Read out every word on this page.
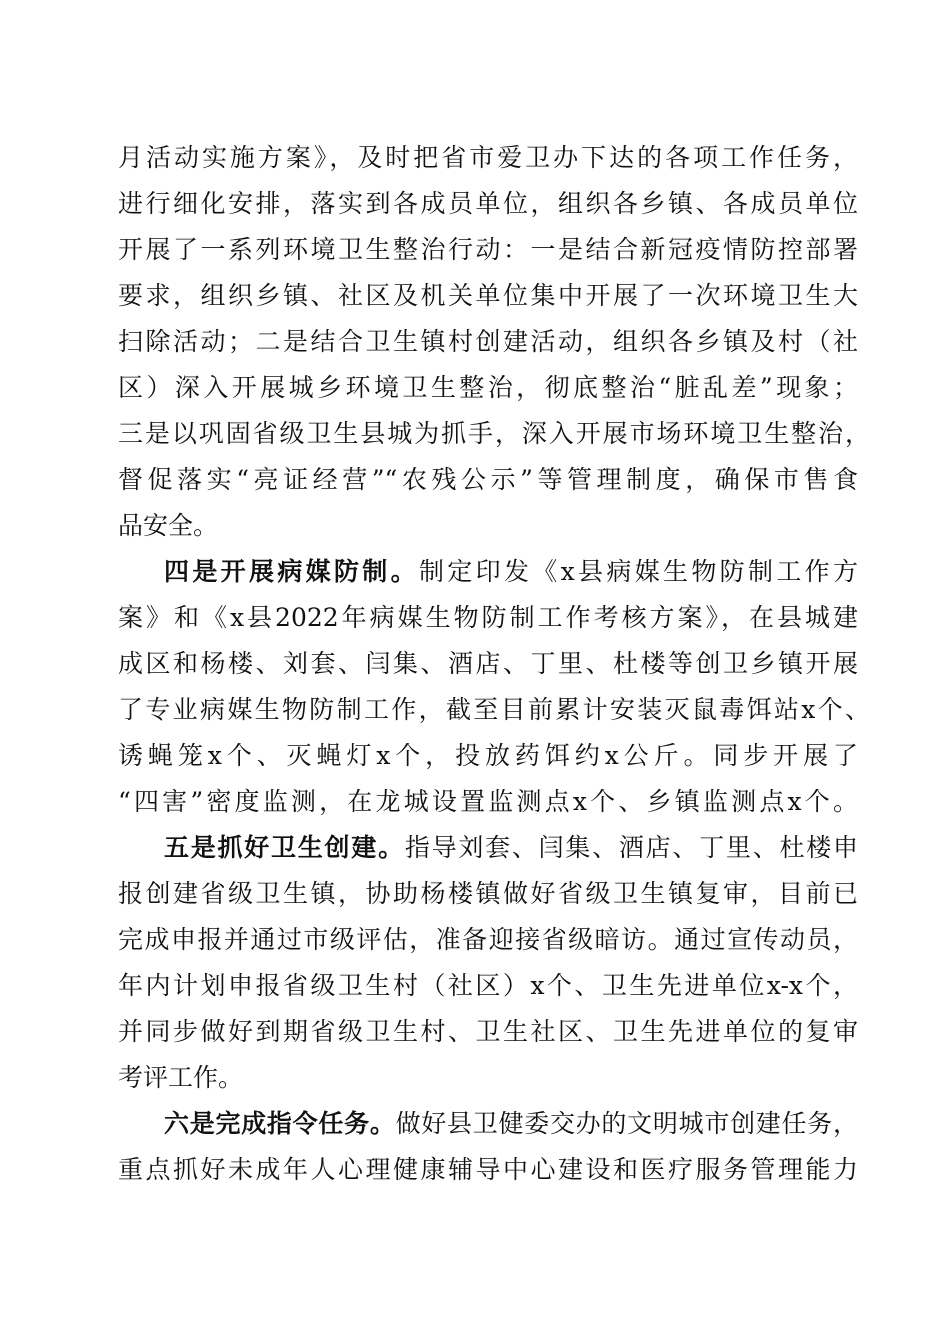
月活动实施方案》，及时把省市爱卫办下达的各项工作任务，
进行细化安排，落实到各成员单位，组织各乡镇、各成员单位
开展了一系列环境卫生整治行动：一是结合新冠疫情防控部署
要求，组织乡镇、社区及机关单位集中开展了一次环境卫生大
扫除活动；二是结合卫生镇村创建活动，组织各乡镇及村（社
区）深入开展城乡环境卫生整治，彻底整治“脏乱差”现象；
三是以巩固省级卫生县城为抓手，深入开展市场环境卫生整治，
督促落实“亮证经营”“农残公示”等管理制度，确保市售食
品安全。
四是开展病媒防制。制定印发《x县病媒生物防制工作方
案》和《x县2022年病媒生物防制工作考核方案》，在县城建
成区和杨楼、刘套、闫集、酒店、丁里、杜楼等创卫乡镇开展
了专业病媒生物防制工作，截至目前累计安装灭鼠毒饵站x个、
诱蝇笼x个、灭蝇灯x个，投放药饵约x公斤。同步开展了
“四害”密度监测，在龙城设置监测点x个、乡镇监测点x个。
五是抓好卫生创建。指导刘套、闫集、酒店、丁里、杜楼申
报创建省级卫生镇，协助杨楼镇做好省级卫生镇复审，目前已
完成申报并通过市级评估，准备迎接省级暗访。通过宣传动员，
年内计划申报省级卫生村（社区）x个、卫生先进单位x-x个，
并同步做好到期省级卫生村、卫生社区、卫生先进单位的复审
考评工作。
六是完成指令任务。做好县卫健委交办的文明城市创建任务，
重点抓好未成年人心理健康辅导中心建设和医疗服务管理能力
